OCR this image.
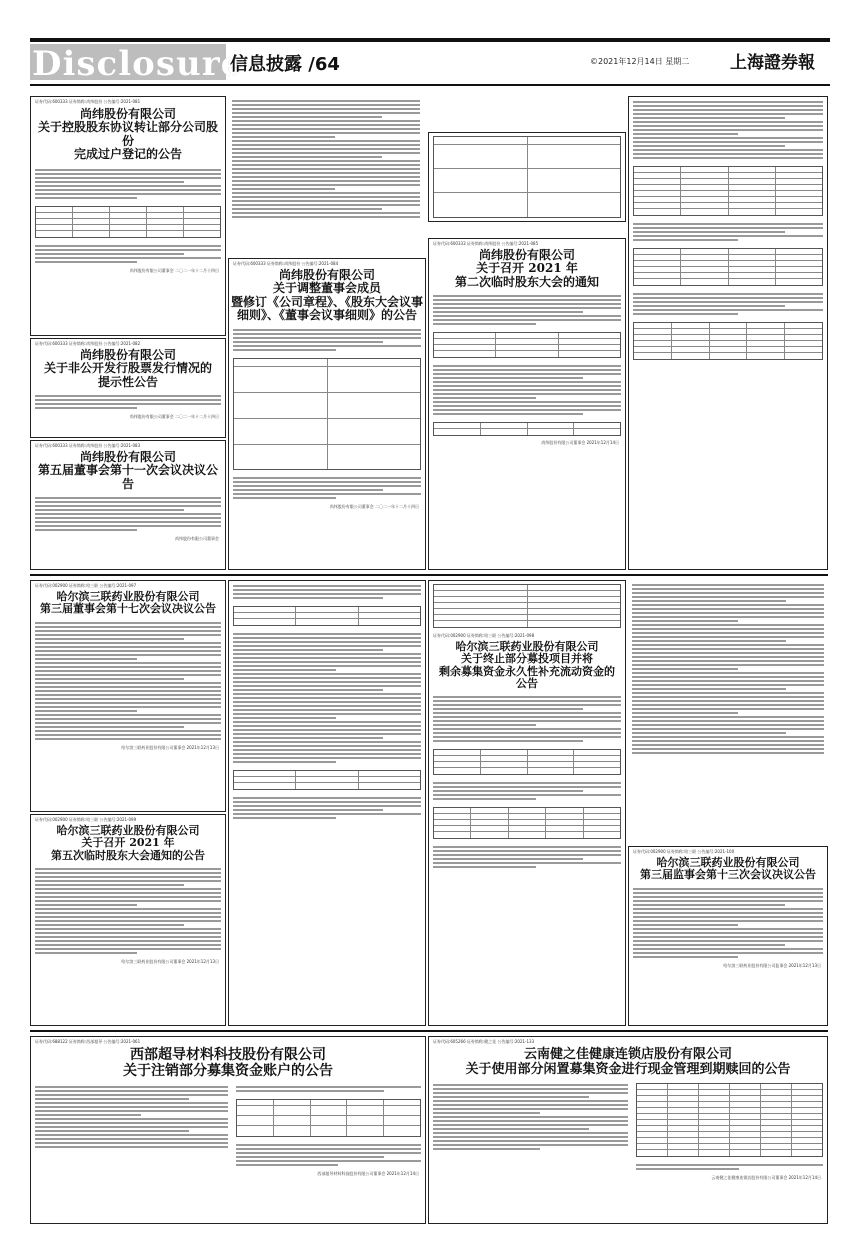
Disclosure
信息披露 /64	©2021年12月14日 星期二 上海證券報
证券代码:600333 证券简称:尚纬股份 公告编号:2021-081
尚纬股份有限公司
关于控股股东协议转让部分公司股份
完成过户登记的公告
尚纬股份有限公司董事会 二〇二一年十二月十四日
证券代码:600333 证券简称:尚纬股份 公告编号:2021-082
尚纬股份有限公司
关于非公开发行股票发行情况的
提示性公告
尚纬股份有限公司董事会 二〇二一年十二月十四日
证券代码:600333 证券简称:尚纬股份 公告编号:2021-083
尚纬股份有限公司
第五届董事会第十一次会议决议公告
尚纬股份有限公司董事会
证券代码:600333 证券简称:尚纬股份 公告编号:2021-084
尚纬股份有限公司
关于调整董事会成员
暨修订《公司章程》、《股东大会议事
细则》、《董事会议事细则》的公告
尚纬股份有限公司董事会 二〇二一年十二月十四日
证券代码:600333 证券简称:尚纬股份 公告编号:2021-085
尚纬股份有限公司
关于召开 2021 年
第二次临时股东大会的通知
尚纬股份有限公司董事会 2021年12月14日
证券代码:002900 证券简称:哈三联 公告编号:2021-097
哈尔滨三联药业股份有限公司
第三届董事会第十七次会议决议公告
哈尔滨三联药业股份有限公司董事会 2021年12月13日
证券代码:002900 证券简称:哈三联 公告编号:2021-099
哈尔滨三联药业股份有限公司
关于召开 2021 年
第五次临时股东大会通知的公告
哈尔滨三联药业股份有限公司董事会 2021年12月13日
证券代码:002900 证券简称:哈三联 公告编号:2021-098
哈尔滨三联药业股份有限公司
关于终止部分募投项目并将
剩余募集资金永久性补充流动资金的
公告
证券代码:002900 证券简称:哈三联 公告编号:2021-100
哈尔滨三联药业股份有限公司
第三届监事会第十三次会议决议公告
哈尔滨三联药业股份有限公司监事会 2021年12月13日
证券代码:688122 证券简称:西部超导 公告编号:2021-061
西部超导材料科技股份有限公司
关于注销部分募集资金账户的公告
西部超导材料科技股份有限公司董事会 2021年12月14日
证券代码:605266 证券简称:健之佳 公告编号:2021-133
云南健之佳健康连锁店股份有限公司
关于使用部分闲置募集资金进行现金管理到期赎回的公告
云南健之佳健康连锁店股份有限公司董事会 2021年12月14日
